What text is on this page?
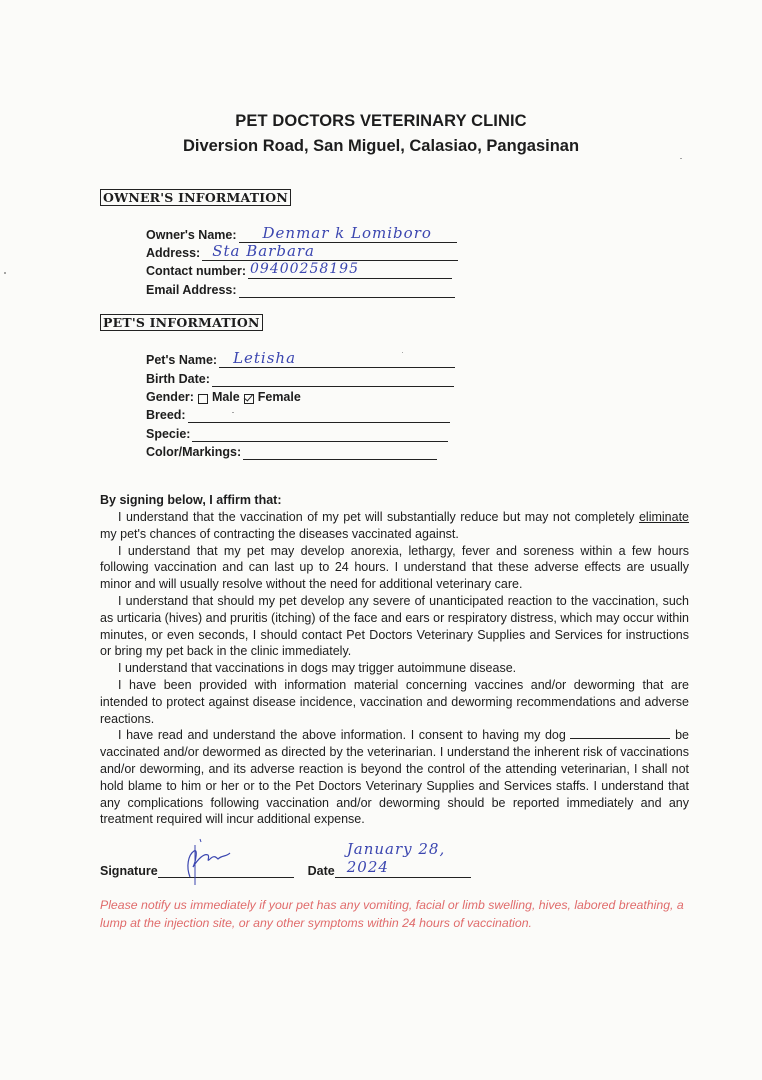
PET DOCTORS VETERINARY CLINIC
Diversion Road, San Miguel, Calasiao, Pangasinan
OWNER'S INFORMATION
Owner's Name: Denmar k Lomiboro
Address: Sta Barbara
Contact number: 09400258195
Email Address:
PET'S INFORMATION
Pet's Name: Letisha
Birth Date:
Gender: Male Female
Breed:
Specie:
Color/Markings:
By signing below, I affirm that:

I understand that the vaccination of my pet will substantially reduce but may not completely eliminate my pet's chances of contracting the diseases vaccinated against.

I understand that my pet may develop anorexia, lethargy, fever and soreness within a few hours following vaccination and can last up to 24 hours. I understand that these adverse effects are usually minor and will usually resolve without the need for additional veterinary care.

I understand that should my pet develop any severe of unanticipated reaction to the vaccination, such as urticaria (hives) and pruritis (itching) of the face and ears or respiratory distress, which may occur within minutes, or even seconds, I should contact Pet Doctors Veterinary Supplies and Services for instructions or bring my pet back in the clinic immediately.

I understand that vaccinations in dogs may trigger autoimmune disease.

I have been provided with information material concerning vaccines and/or deworming that are intended to protect against disease incidence, vaccination and deworming recommendations and adverse reactions.

I have read and understand the above information. I consent to having my dog	be vaccinated and/or dewormed as directed by the veterinarian. I understand the inherent risk of vaccinations and/or deworming, and its adverse reaction is beyond the control of the attending veterinarian, I shall not hold blame to him or her or to the Pet Doctors Veterinary Supplies and Services staffs. I understand that any complications following vaccination and/or deworming should be reported immediately and any treatment required will incur additional expense.

Signature	Date
January 28, 2024
Please notify us immediately if your pet has any vomiting, facial or limb swelling, hives, labored breathing, a lump at the injection site, or any other symptoms within 24 hours of vaccination.
